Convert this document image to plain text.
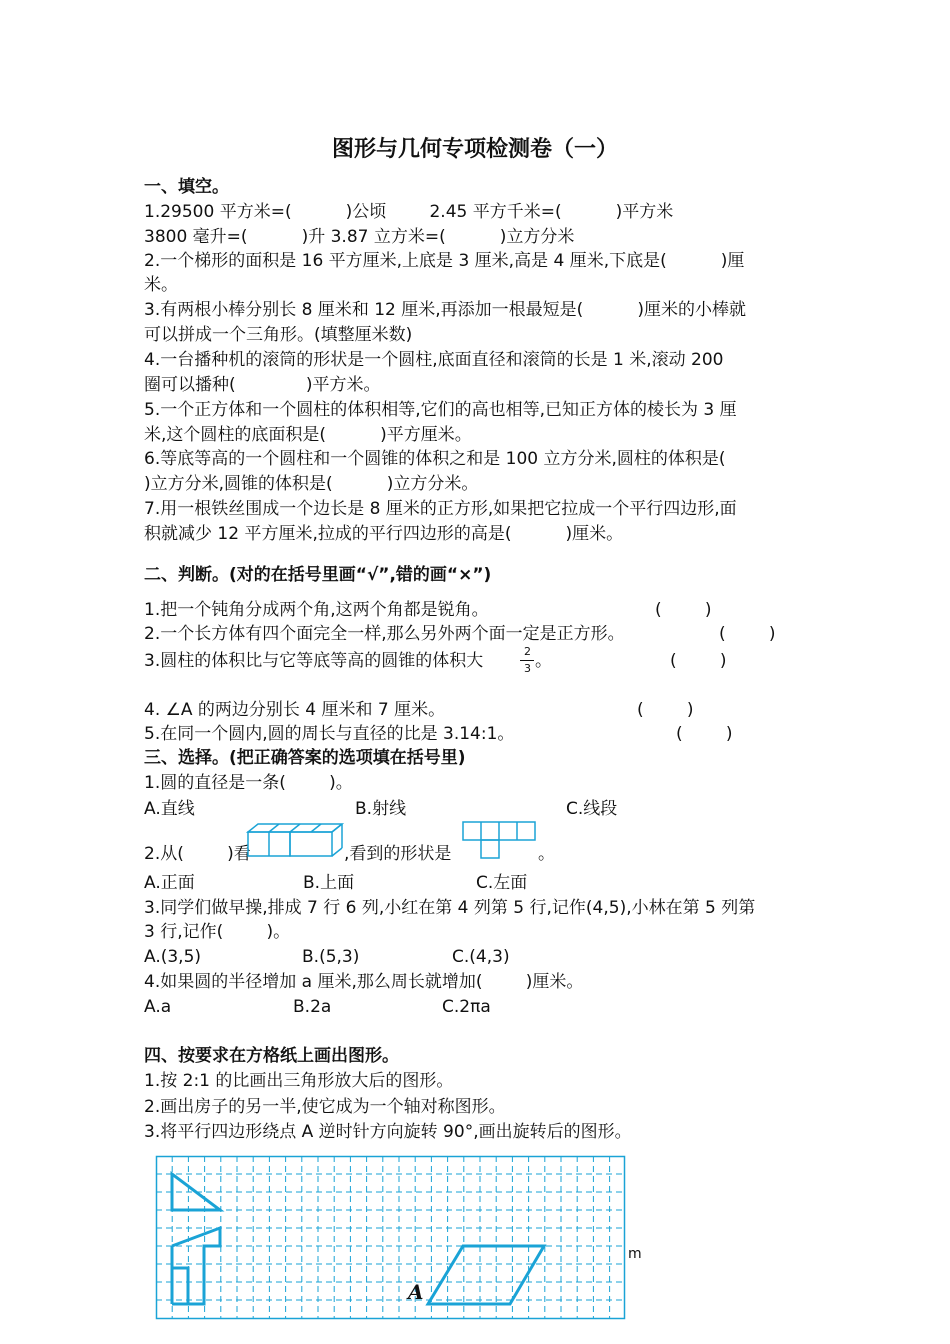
图形与几何专项检测卷（一）
一、填空。
1.29500 平方米=(          )公顷        2.45 平方千米=(          )平方米
3800 毫升=(          )升 3.87 立方米=(          )立方分米
2.一个梯形的面积是 16 平方厘米,上底是 3 厘米,高是 4 厘米,下底是(          )厘
米。
3.有两根小棒分别长 8 厘米和 12 厘米,再添加一根最短是(          )厘米的小棒就
可以拼成一个三角形。(填整厘米数)
4.一台播种机的滚筒的形状是一个圆柱,底面直径和滚筒的长是 1 米,滚动 200
圈可以播种(             )平方米。
5.一个正方体和一个圆柱的体积相等,它们的高也相等,已知正方体的棱长为 3 厘
米,这个圆柱的底面积是(          )平方厘米。
6.等底等高的一个圆柱和一个圆锥的体积之和是 100 立方分米,圆柱的体积是(
)立方分米,圆锥的体积是(          )立方分米。
7.用一根铁丝围成一个边长是 8 厘米的正方形,如果把它拉成一个平行四边形,面
积就减少 12 平方厘米,拉成的平行四边形的高是(          )厘米。
二、判断。(对的在括号里画“√”,错的画“×”)
1.把一个钝角分成两个角,这两个角都是锐角。	(        )
2.一个长方体有四个面完全一样,那么另外两个面一定是正方形。	(        )
3.圆柱的体积比与它等底等高的圆锥的体积大	2
3 。	(        )
4. ∠A 的两边分别长 4 厘米和 7 厘米。	(        )
5.在同一个圆内,圆的周长与直径的比是 3.14:1。	(        )
三、选择。(把正确答案的选项填在括号里)
1.圆的直径是一条(        )。
A.直线	B.射线	C.线段
2.从(        )看	,看到的形状是	。
A.正面	B.上面	C.左面
3.同学们做早操,排成 7 行 6 列,小红在第 4 列第 5 行,记作(4,5),小林在第 5 列第
3 行,记作(        )。
A.(3,5)	B.(5,3)	C.(4,3)
4.如果圆的半径增加 a 厘米,那么周长就增加(        )厘米。
A.a	B.2a	C.2πa
四、按要求在方格纸上画出图形。
1.按 2:1 的比画出三角形放大后的图形。
2.画出房子的另一半,使它成为一个轴对称图形。
3.将平行四边形绕点 A 逆时针方向旋转 90°,画出旋转后的图形。
A
m
